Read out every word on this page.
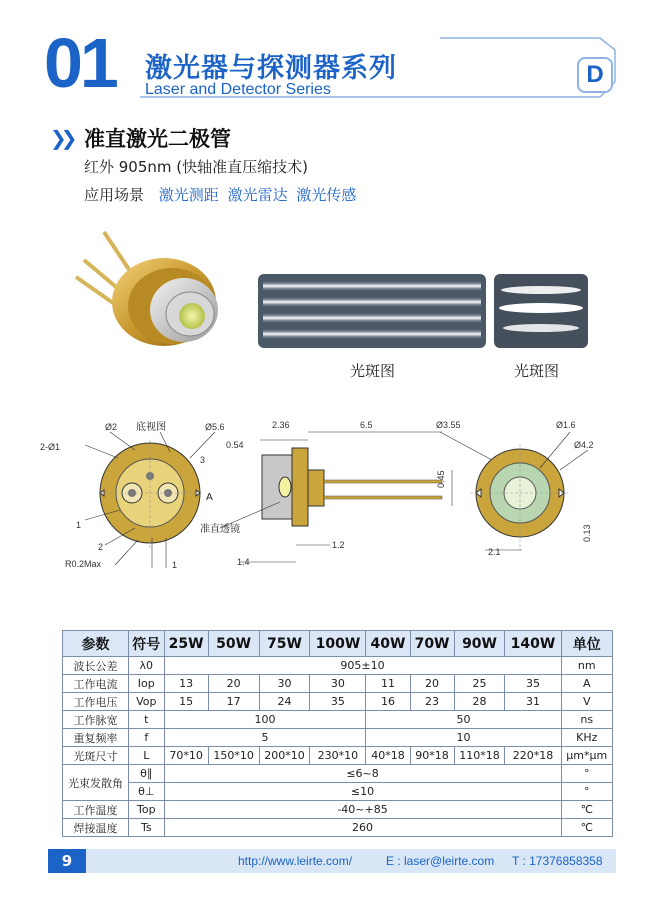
01 激光器与探测器系列
Laser and Detector Series
D
❯❯ 准直激光二极管
红外 905nm (快轴准直压缩技术)
应用场景 激光测距 激光雷达 激光传感
光斑图	光斑图
Ø2 底视图	Ø5.6
2-Ø1
3
A
1
2
R0.2Max	1
2.36
0.54
6.5
准直透镜
0.45
1.2
1.4
Ø3.55	Ø1.6
Ø4.2
0.13
2.1
参数	符号	25W	50W	75W	100W	40W	70W	90W	140W	单位
波长公差	λ0	905±10								nm
工作电流	Iop	13	20	30	30	11	20	25	35	A
工作电压	Vop	15	17	24	35	16	23	28	31	V
工作脉宽	t	100				50				ns
重复频率	f	5				10				KHz
光斑尺寸	L	70*10	150*10	200*10	230*10	40*18	90*18	110*18	220*18	μm*μm
光束发散角	θ∥	≤6~8								°
	θ⊥	≤10								°
工作温度	Top	-40~+85								℃
焊接温度	Ts	260								℃
9	http://www.leirte.com/	E : laser@leirte.com T : 17376858358
